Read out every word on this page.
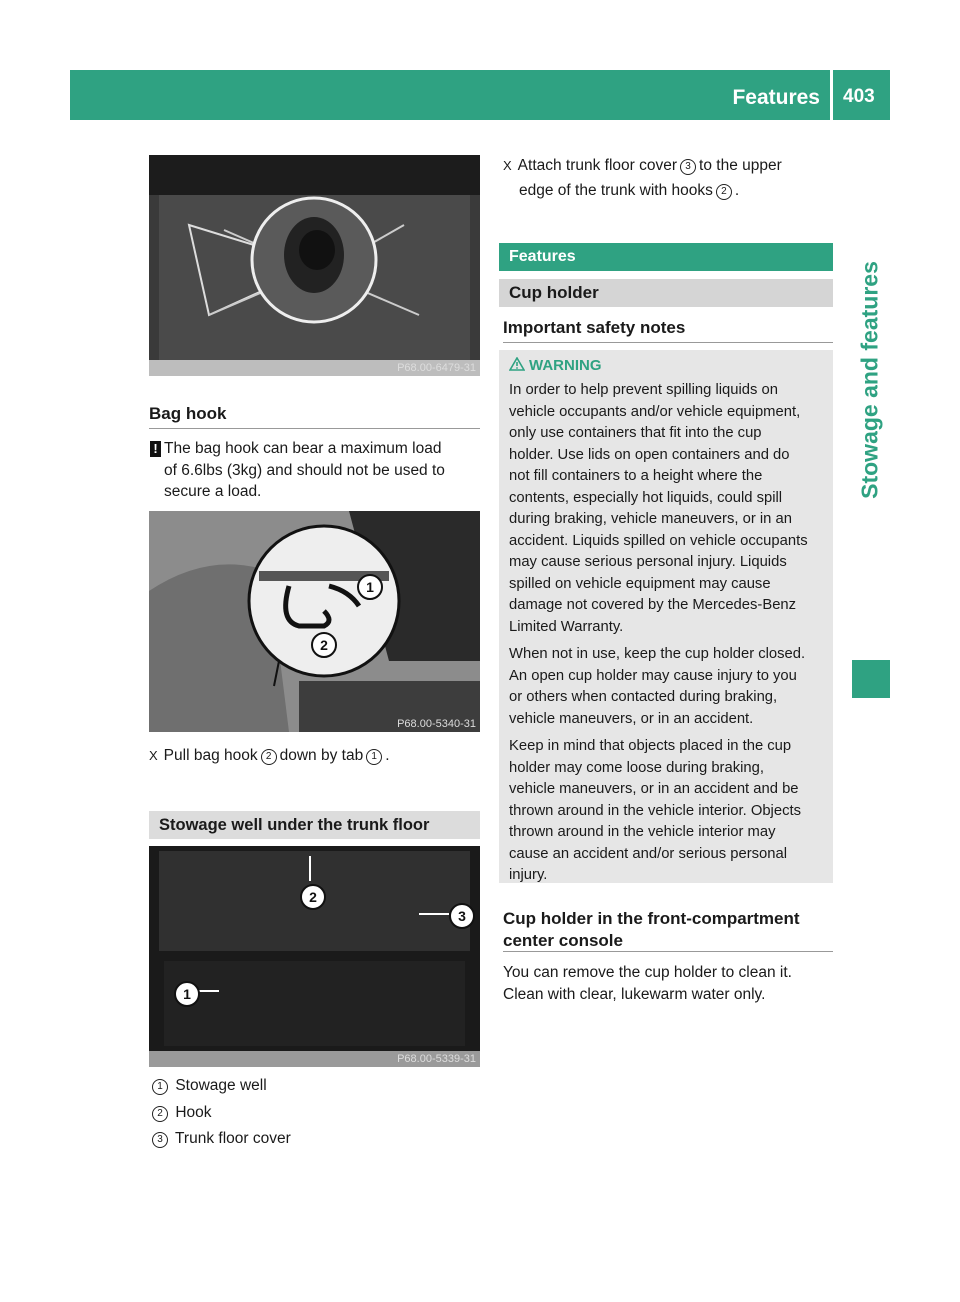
Features 403
Stowage and features
P68.00-6479-31
Bag hook
! The bag hook can bear a maximum load
of 6.6lbs (3kg) and should not be used to
secure a load.
1
2
P68.00-5340-31
X Pull bag hook 2 down by tab 1 .
Stowage well under the trunk floor
1
2
3
P68.00-5339-31
1 Stowage well
2 Hook
3 Trunk floor cover
X Attach trunk floor cover 3 to the upper
edge of the trunk with hooks 2 .
Features
Cup holder
Important safety notes
WARNING
In order to help prevent spilling liquids on
vehicle occupants and/or vehicle equipment,
only use containers that fit into the cup
holder. Use lids on open containers and do
not fill containers to a height where the
contents, especially hot liquids, could spill
during braking, vehicle maneuvers, or in an
accident. Liquids spilled on vehicle occupants
may cause serious personal injury. Liquids
spilled on vehicle equipment may cause
damage not covered by the Mercedes-Benz
Limited Warranty.
When not in use, keep the cup holder closed.
An open cup holder may cause injury to you
or others when contacted during braking,
vehicle maneuvers, or in an accident.
Keep in mind that objects placed in the cup
holder may come loose during braking,
vehicle maneuvers, or in an accident and be
thrown around in the vehicle interior. Objects
thrown around in the vehicle interior may
cause an accident and/or serious personal
injury.
Cup holder in the front-compartment
center console
You can remove the cup holder to clean it.
Clean with clear, lukewarm water only.
